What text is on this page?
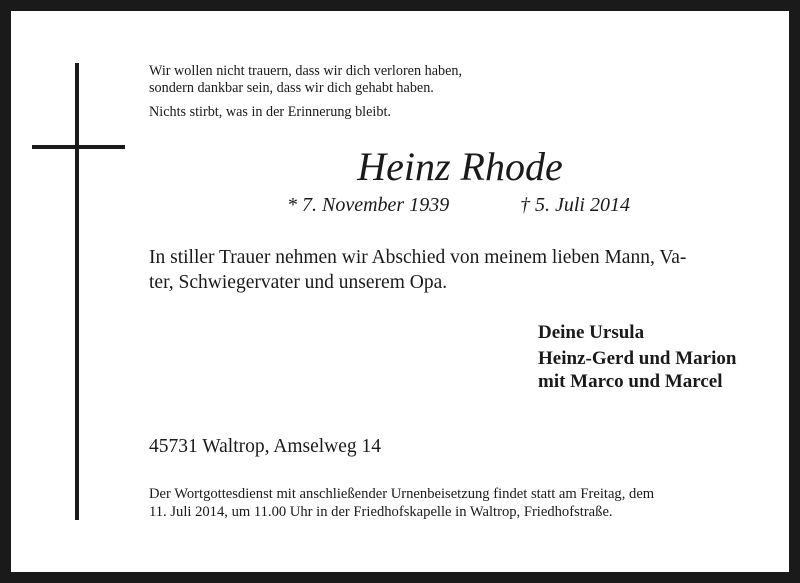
Wir wollen nicht trauern, dass wir dich verloren haben,
sondern dankbar sein, dass wir dich gehabt haben.
Nichts stirbt, was in der Erinnerung bleibt.
Heinz Rhode
* 7. November 1939	† 5. Juli 2014
In stiller Trauer nehmen wir Abschied von meinem lieben Mann, Va-
ter, Schwiegervater und unserem Opa.
Deine Ursula
Heinz-Gerd und Marion
mit Marco und Marcel
45731 Waltrop, Amselweg 14
Der Wortgottesdienst mit anschließender Urnenbeisetzung findet statt am Freitag, dem
11. Juli 2014, um 11.00 Uhr in der Friedhofskapelle in Waltrop, Friedhofstraße.
